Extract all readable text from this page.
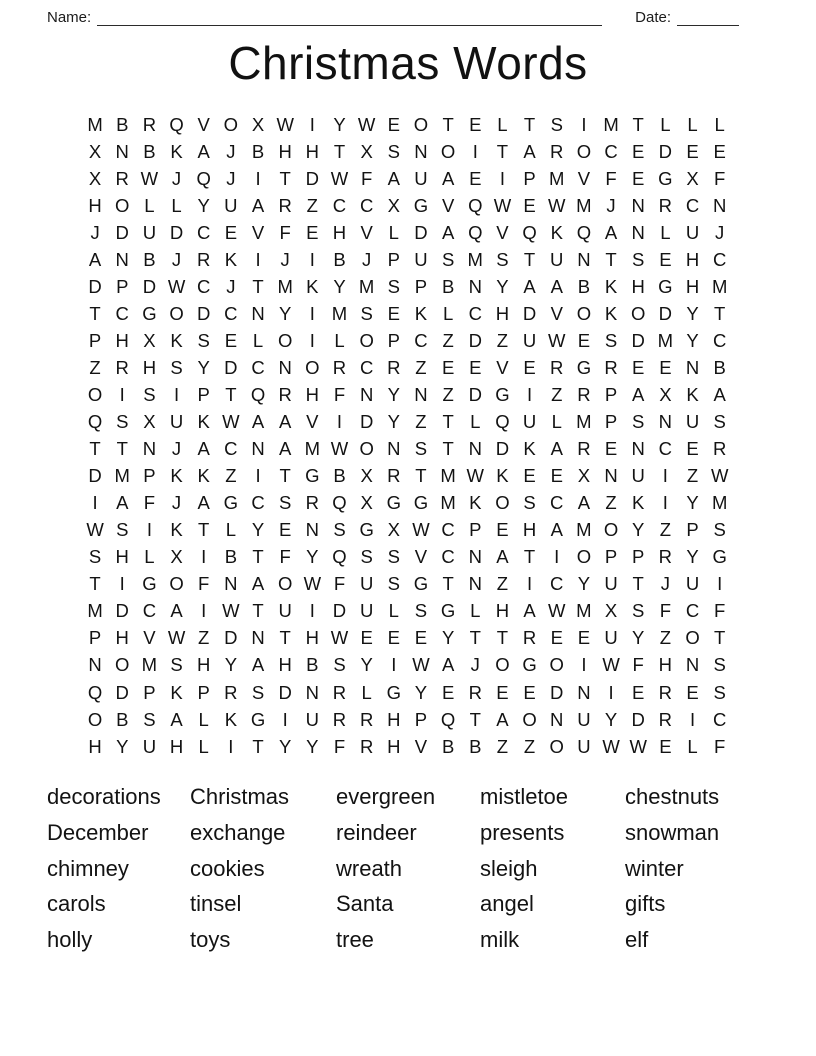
Name:	Date:
Christmas Words
M B R Q V O X W I Y W E O T E L T S I M T L L L
X N B K A J B H H T X S N O I	T A R O C E D E E
X R W J Q J	I	T D W F A U A E I P M V F E G X F
H O L L Y U A R Z C C X G V Q W E W M J N R C N
J D U D C E V F E H V L D A Q V Q K Q A N L U J
A N B J R K I	J	I B J P U S M S T U N T S E H C
D P D W C J T M K Y M S P B N Y A A B K H G H M
T C G O D C N Y I M S E K L C H D V O K O D Y T
P H X K S E L O I	L O P C Z D Z U W E S D M Y C
Z R H S Y D C N O R C R Z E E V E R G R E E N B
O I S I P T Q R H F N Y N Z D G I	Z R P A X K A
Q S X U K W A A V I D Y Z T L Q U L M P S N U S
T T N J A C N A M W O N S T N D K A R E N C E R
D M P K K Z	I	T G B X R T M W K E E X N U I	Z W
I A F J A G C S R Q X G G M K O S C A Z K I Y M
W S I K T L Y E N S G X W C P E H A M O Y Z P S
S H L X I B T F Y Q S S V C N A T	I O P P R Y G
T	I G O F N A O W F U S G T N Z	I C Y U T J U I
M D C A I W T U I D U L S G L H A W M X S F C F
P H V W Z D N T H W E E E Y T T R E E U Y Z O T
N O M S H Y A H B S Y I W A J O G O I W F H N S
Q D P K P R S D N R L G Y E R E E D N I E R E S
O B S A L K G I U R R H P Q T A O N U Y D R I C
H Y U H L	I	T Y Y F R H V B B Z Z O U W W E L F
decorations
December
chimney
carols
holly
Christmas
exchange
cookies
tinsel
toys
evergreen
reindeer
wreath
Santa
tree
mistletoe
presents
sleigh
angel
milk
chestnuts
snowman
winter
gifts
elf
